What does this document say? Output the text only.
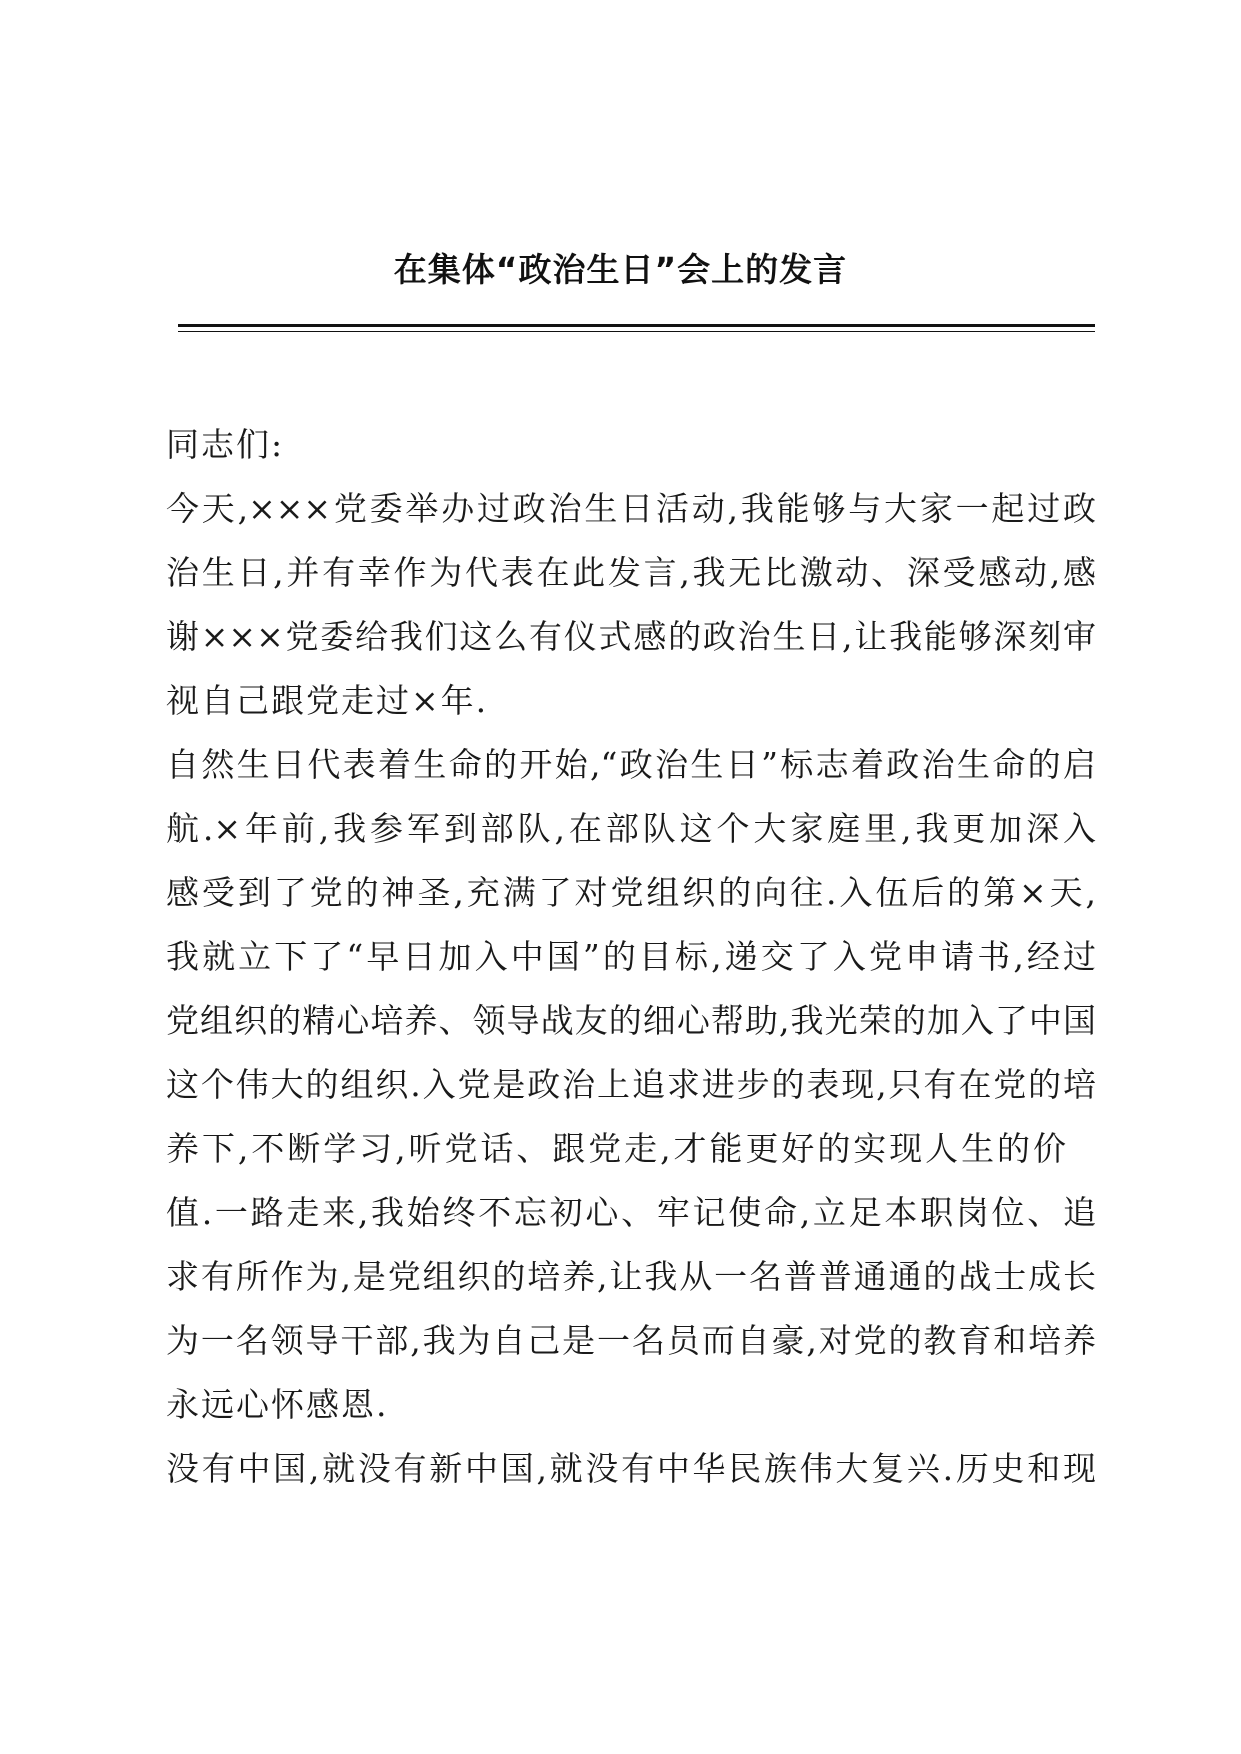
在集体“政治生日”会上的发言
同志们:
今天,×××党委举办过政治生日活动,我能够与大家一起过政
治生日,并有幸作为代表在此发言,我无比激动、深受感动,感
谢×××党委给我们这么有仪式感的政治生日,让我能够深刻审
视自己跟党走过×年.
自然生日代表着生命的开始,“政治生日”标志着政治生命的启
航.×年前,我参军到部队,在部队这个大家庭里,我更加深入
感受到了党的神圣,充满了对党组织的向往.入伍后的第×天,
我就立下了“早日加入中国”的目标,递交了入党申请书,经过
党组织的精心培养、领导战友的细心帮助,我光荣的加入了中国
这个伟大的组织.入党是政治上追求进步的表现,只有在党的培
养下,不断学习,听党话、跟党走,才能更好的实现人生的价
值.一路走来,我始终不忘初心、牢记使命,立足本职岗位、追
求有所作为,是党组织的培养,让我从一名普普通通的战士成长
为一名领导干部,我为自己是一名员而自豪,对党的教育和培养
永远心怀感恩.
没有中国,就没有新中国,就没有中华民族伟大复兴.历史和现
